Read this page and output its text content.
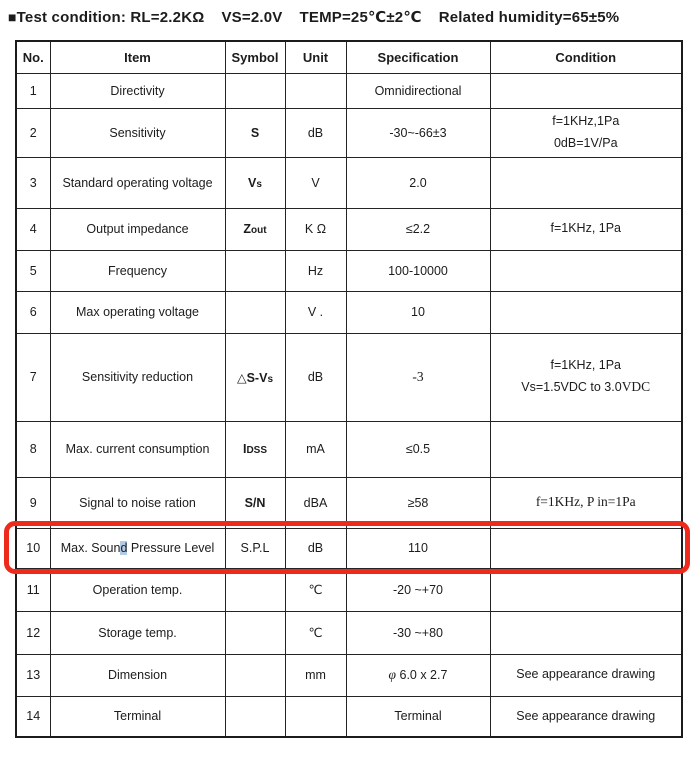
■ Test condition: RL=2.2KΩ VS=2.0V TEMP=25℃±2℃ Related humidity=65±5%
No.	Item	Symbol	Unit	Specification	Condition
1	Directivity			Omnidirectional	
2	Sensitivity	S	dB	-30~-66±3	f=1KHz,1Pa
0dB=1V/Pa

3	Standard operating voltage	Vs	V	2.0	
4	Output impedance	Zout	K Ω	≤2.2	f=1KHz, 1Pa

5	Frequency		Hz	100-10000	
6	Max operating voltage		V .	10	
7	Sensitivity reduction	△S-Vs	dB	-3	f=1KHz, 1Pa
Vs=1.5VDC to 3.0VDC

8	Max. current consumption	IDSS	mA	≤0.5	
9	Signal to noise ration	S/N	dBA	≥58	f=1KHz, P in=1Pa

10	Max. Sound Pressure Level	S.P.L	dB	110	
11	Operation temp.		℃	-20 ~+70	
12	Storage temp.		℃	-30 ~+80	
13	Dimension		mm	φ 6.0 x 2.7	See appearance drawing

14	Terminal			Terminal	See appearance drawing
